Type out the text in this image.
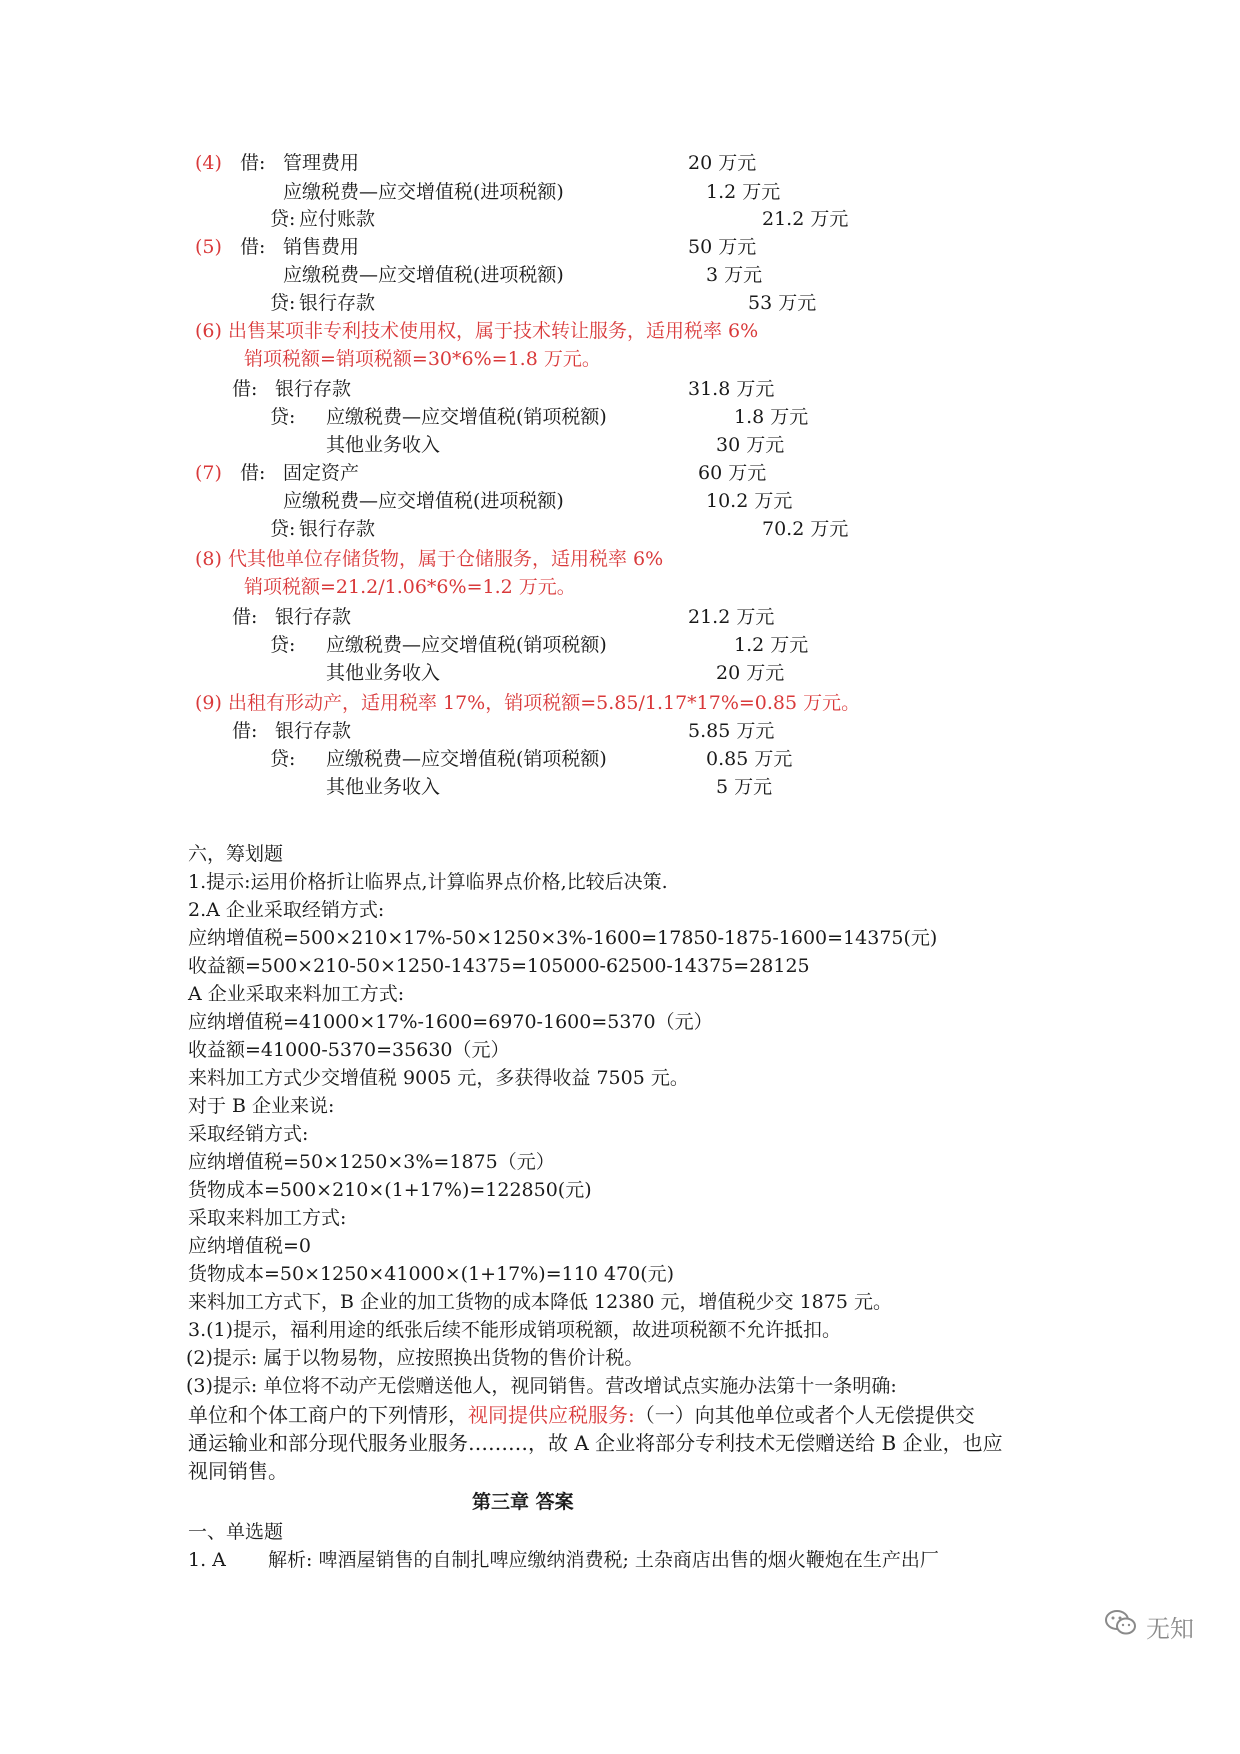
(4) 借: 管理费用	20 万元
应缴税费—应交增值税(进项税额)	1.2 万元
贷: 应付账款	21.2 万元
(5) 借: 销售费用	50 万元
应缴税费—应交增值税(进项税额)	3 万元
贷: 银行存款	53 万元
(6) 出售某项非专利技术使用权，属于技术转让服务，适用税率 6%
销项税额=销项税额=30*6%=1.8 万元。
借: 银行存款	31.8 万元
贷: 应缴税费—应交增值税(销项税额)	1.8 万元
其他业务收入	30 万元
(7) 借: 固定资产	60 万元
应缴税费—应交增值税(进项税额)	10.2 万元
贷: 银行存款	70.2 万元
(8) 代其他单位存储货物，属于仓储服务，适用税率 6%
销项税额=21.2/1.06*6%=1.2 万元。
借: 银行存款	21.2 万元
贷: 应缴税费—应交增值税(销项税额)	1.2 万元
其他业务收入	20 万元
(9) 出租有形动产，适用税率 17%，销项税额=5.85/1.17*17%=0.85 万元。
借: 银行存款	5.85 万元
贷: 应缴税费—应交增值税(销项税额)	0.85 万元
其他业务收入	5 万元
六，筹划题
1.提示:运用价格折让临界点,计算临界点价格,比较后决策.
2.A 企业采取经销方式:
应纳增值税=500×210×17%-50×1250×3%-1600=17850-1875-1600=14375(元)
收益额=500×210-50×1250-14375=105000-62500-14375=28125
A 企业采取来料加工方式:
应纳增值税=41000×17%-1600=6970-1600=5370（元）
收益额=41000-5370=35630（元）
来料加工方式少交增值税 9005 元，多获得收益 7505 元。
对于 B 企业来说:
采取经销方式:
应纳增值税=50×1250×3%=1875（元）
货物成本=500×210×(1+17%)=122850(元)
采取来料加工方式:
应纳增值税=0
货物成本=50×1250×41000×(1+17%)=110 470(元)
来料加工方式下，B 企业的加工货物的成本降低 12380 元，增值税少交 1875 元。
3.(1)提示，福利用途的纸张后续不能形成销项税额，故进项税额不允许抵扣。
(2)提示: 属于以物易物，应按照换出货物的售价计税。
(3)提示: 单位将不动产无偿赠送他人，视同销售。营改增试点实施办法第十一条明确:
单位和个体工商户的下列情形，视同提供应税服务:（一）向其他单位或者个人无偿提供交
通运输业和部分现代服务业服务………，故 A 企业将部分专利技术无偿赠送给 B 企业，也应
视同销售。
第三章 答案
一、单选题
1. A 解析: 啤酒屋销售的自制扎啤应缴纳消费税; 土杂商店出售的烟火鞭炮在生产出厂
无知
